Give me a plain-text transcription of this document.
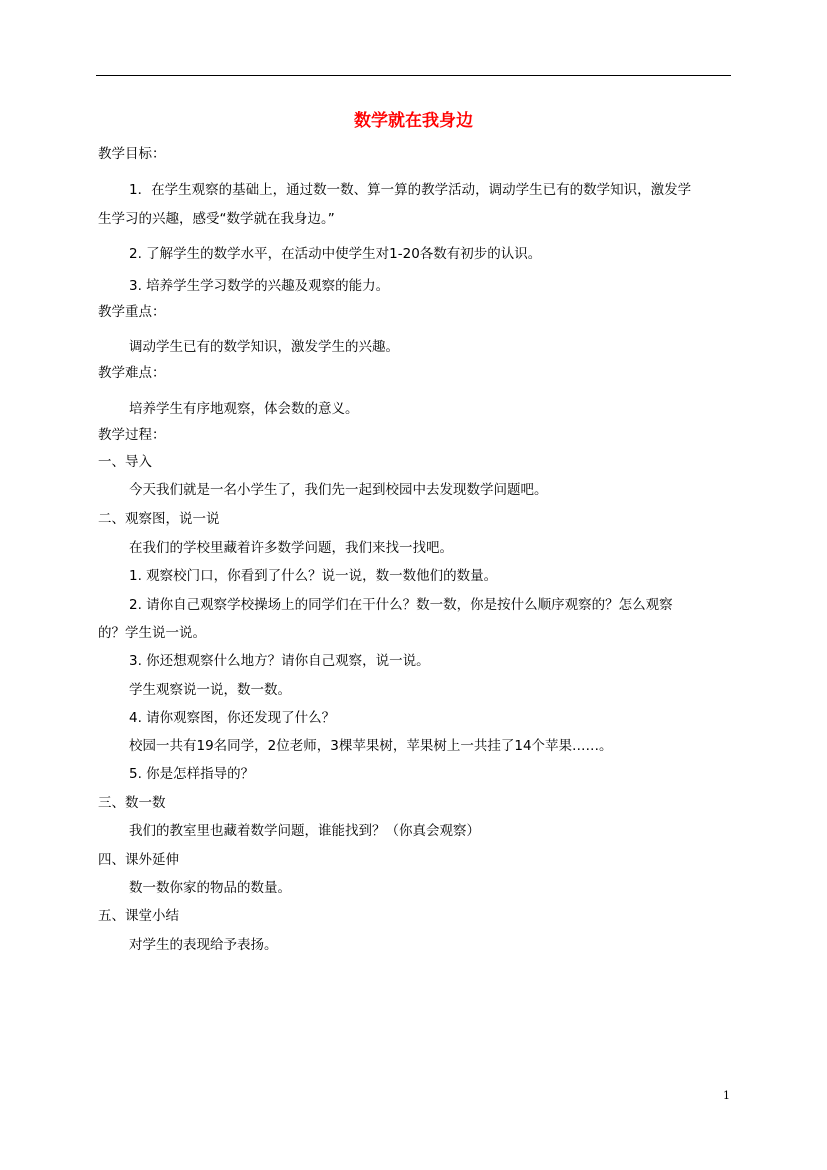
数学就在我身边
教学目标：
1．在学生观察的基础上，通过数一数、算一算的教学活动，调动学生已有的数学知识，激发学
生学习的兴趣，感受“数学就在我身边。”
2. 了解学生的数学水平，在活动中使学生对1-20各数有初步的认识。
3. 培养学生学习数学的兴趣及观察的能力。
教学重点：
调动学生已有的数学知识，激发学生的兴趣。
教学难点：
培养学生有序地观察，体会数的意义。
教学过程：
一、导入
今天我们就是一名小学生了，我们先一起到校园中去发现数学问题吧。
二、观察图，说一说
在我们的学校里藏着许多数学问题，我们来找一找吧。
1. 观察校门口，你看到了什么？说一说，数一数他们的数量。
2. 请你自己观察学校操场上的同学们在干什么？数一数，你是按什么顺序观察的？怎么观察
的？学生说一说。
3. 你还想观察什么地方？请你自己观察，说一说。
学生观察说一说，数一数。
4. 请你观察图，你还发现了什么？
校园一共有19名同学，2位老师，3棵苹果树，苹果树上一共挂了14个苹果……。
5. 你是怎样指导的？
三、数一数
我们的教室里也藏着数学问题，谁能找到？（你真会观察）
四、课外延伸
数一数你家的物品的数量。
五、课堂小结
对学生的表现给予表扬。
1
